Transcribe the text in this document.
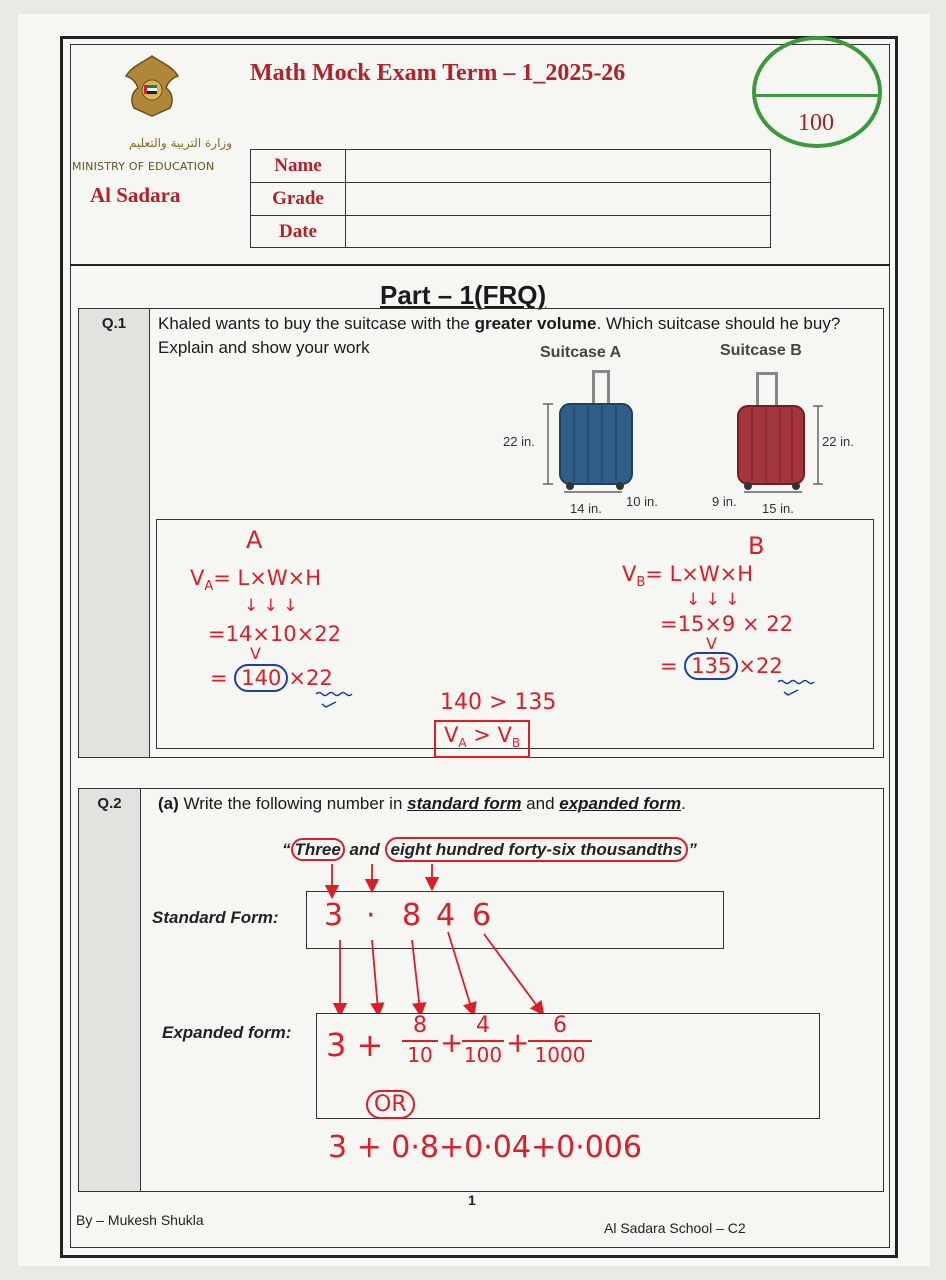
Math Mock Exam Term – 1_2025-26
وزارة التربية والتعليم
MINISTRY OF EDUCATION
Al Sadara
100
Name
Grade
Date
Part – 1(FRQ)
Q.1	Khaled wants to buy the suitcase with the greater volume. Which suitcase should he buy? Explain and show your work	Suitcase A	Suitcase B
22 in.
14 in. 10 in.
22 in.
9 in. 15 in.
A
$V_A= L\times W\times H$
↓ ↓ ↓
=14×10×22
V
= 140 ×22
B
$V_B= L\times W\times H$
↓ ↓ ↓
=15×9 × 22
V
= 135 ×22
140 > 135
$V_A > V_B$
Q.2	(a) Write the following number in standard form and expanded form.
“ Three and eight hundred forty-six thousandths ”
Standard Form: 3 · 8 4 6
Expanded form: 3 +
8
10 +
4
100 +
6
1000
OR
3 + 0·8+0·04+0·006
By – Mukesh Shukla
1
Al Sadara School – C2
